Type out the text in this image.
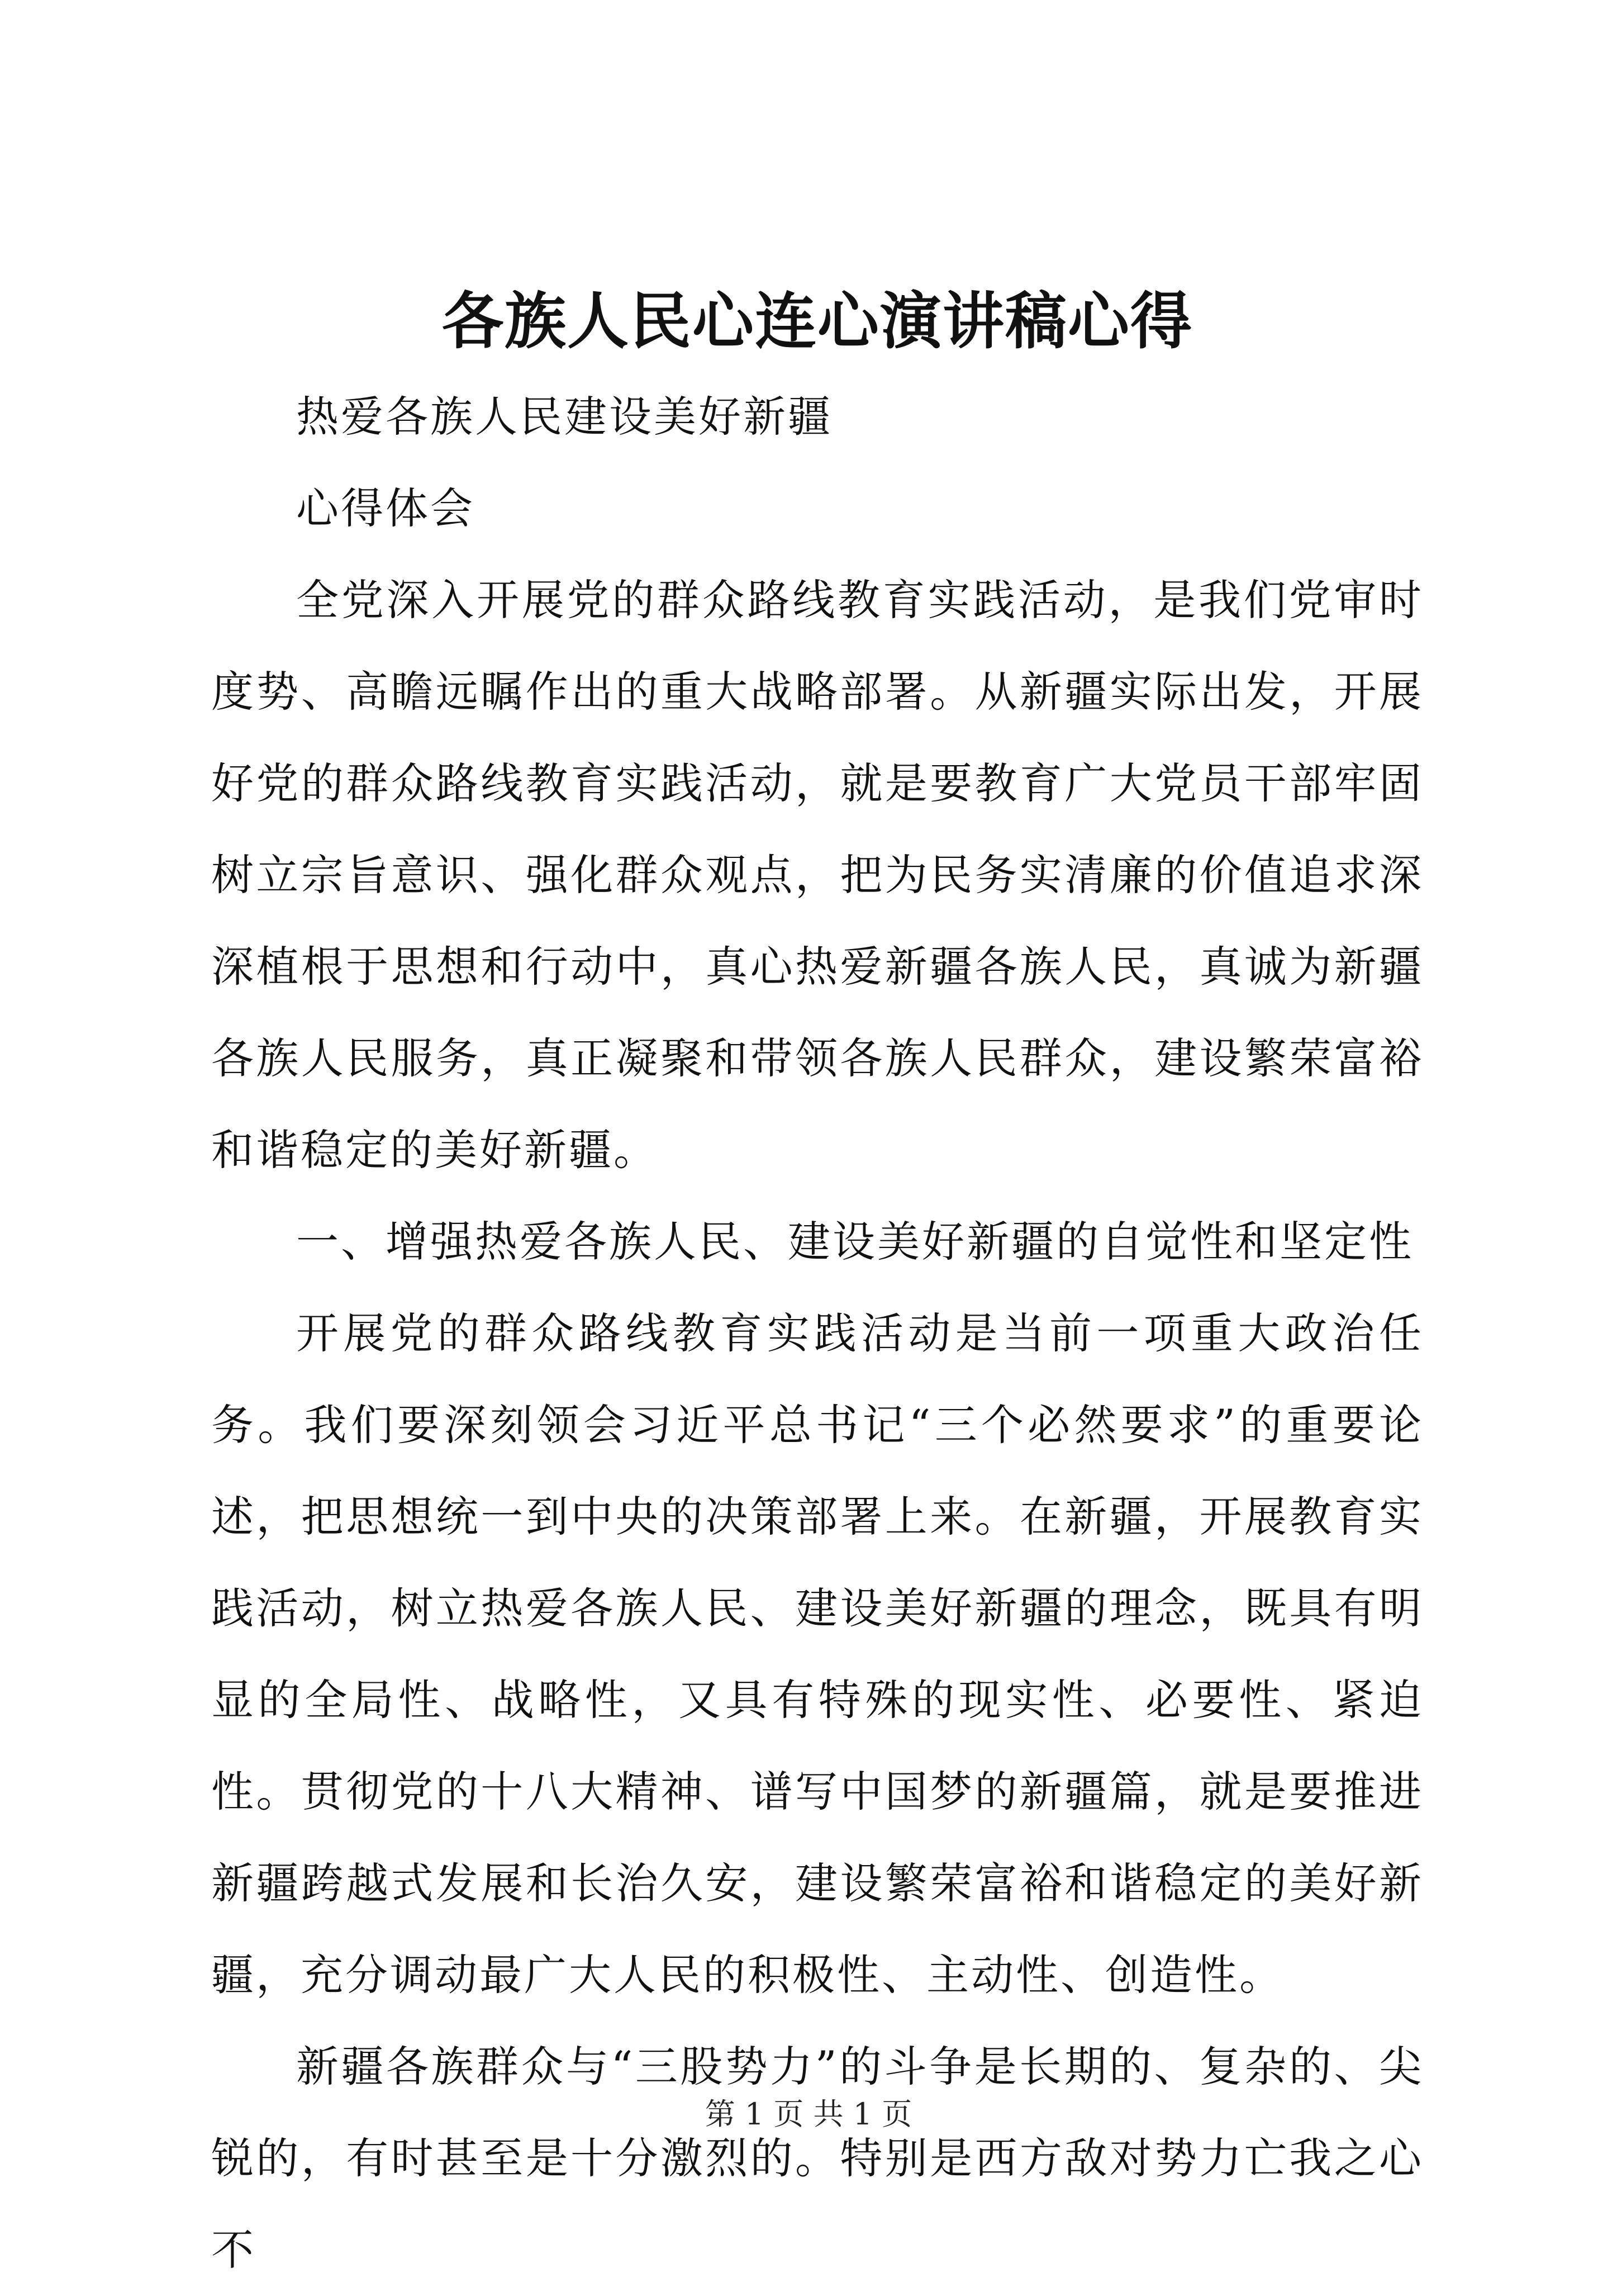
各族人民心连心演讲稿心得

热爱各族人民建设美好新疆

心得体会

全党深入开展党的群众路线教育实践活动，是我们党审时度势、高瞻远瞩作出的重大战略部署。从新疆实际出发，开展好党的群众路线教育实践活动，就是要教育广大党员干部牢固树立宗旨意识、强化群众观点，把为民务实清廉的价值追求深深植根于思想和行动中，真心热爱新疆各族人民，真诚为新疆各族人民服务，真正凝聚和带领各族人民群众，建设繁荣富裕和谐稳定的美好新疆。

一、增强热爱各族人民、建设美好新疆的自觉性和坚定性

开展党的群众路线教育实践活动是当前一项重大政治任务。我们要深刻领会习近平总书记“三个必然要求”的重要论述，把思想统一到中央的决策部署上来。在新疆，开展教育实践活动，树立热爱各族人民、建设美好新疆的理念，既具有明显的全局性、战略性，又具有特殊的现实性、必要性、紧迫性。贯彻党的十八大精神、谱写中国梦的新疆篇，就是要推进新疆跨越式发展和长治久安，建设繁荣富裕和谐稳定的美好新疆，充分调动最广大人民的积极性、主动性、创造性。

新疆各族群众与“三股势力”的斗争是长期的、复杂的、尖锐的，有时甚至是十分激烈的。特别是西方敌对势力亡我之心不

第 1 页 共 1 页
